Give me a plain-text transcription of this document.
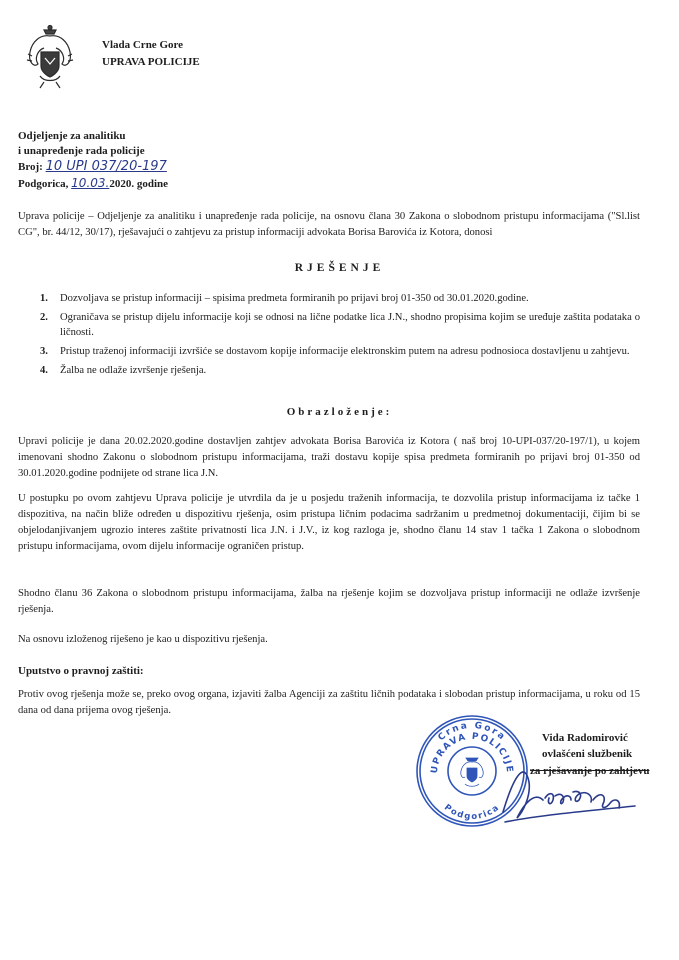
Vlada Crne Gore
UPRAVA POLICIJE
Odjeljenje za analitiku
i unapređenje rada policije
Broj: 10 UPI 037/20-197
Podgorica, 10.03.2020. godine
Uprava policije – Odjeljenje za analitiku i unapređenje rada policije, na osnovu člana 30 Zakona o slobodnom pristupu informacijama ("Sl.list CG", br. 44/12, 30/17), rješavajući o zahtjevu za pristup informaciji advokata Borisa Barovića iz Kotora, donosi
RJEŠENJE
1. Dozvoljava se pristup informaciji – spisima predmeta formiranih po prijavi broj 01-350 od 30.01.2020.godine.
2. Ograničava se pristup dijelu informacije koji se odnosi na lične podatke lica J.N., shodno propisima kojim se uređuje zaštita podataka o ličnosti.
3. Pristup traženoj informaciji izvršiće se dostavom kopije informacije elektronskim putem na adresu podnosioca dostavljenu u zahtjevu.
4. Žalba ne odlaže izvršenje rješenja.
Obrazloženje:
Upravi policije je dana 20.02.2020.godine dostavljen zahtjev advokata Borisa Barovića iz Kotora ( naš broj 10-UPI-037/20-197/1), u kojem imenovani shodno Zakonu o slobodnom pristupu informacijama, traži dostavu kopije spisa predmeta formiranih po prijavi broj 01-350 od 30.01.2020.godine podnijete od strane lica J.N.
U postupku po ovom zahtjevu Uprava policije je utvrdila da je u posjedu traženih informacija, te dozvolila pristup informacijama iz tačke 1 dispozitiva, na način bliže određen u dispozitivu rješenja, osim pristupa ličnim podacima sadržanim u predmetnoj dokumentaciji, čijim bi se objelodanjivanjem ugrozio interes zaštite privatnosti lica J.N. i J.V., iz kog razloga je, shodno članu 14 stav 1 tačka 1 Zakona o slobodnom pristupu informacijama, ovom dijelu informacije ograničen pristup.
Shodno članu 36 Zakona o slobodnom pristupu informacijama, žalba na rješenje kojim se dozvoljava pristup informaciji ne odlaže izvršenje rješenja.
Na osnovu izloženog riješeno je kao u dispozitivu rješenja.
Uputstvo o pravnoj zaštiti:
Protiv ovog rješenja može se, preko ovog organa, izjaviti žalba Agenciji za zaštitu ličnih podataka i slobodan pristup informacijama, u roku od 15 dana od dana prijema ovog rješenja.
Crna Gora
UPRAVA POLICIJE
Podgorica
Vida Radomirović
ovlašćeni službenik
za rješavanje po zahtjevu
